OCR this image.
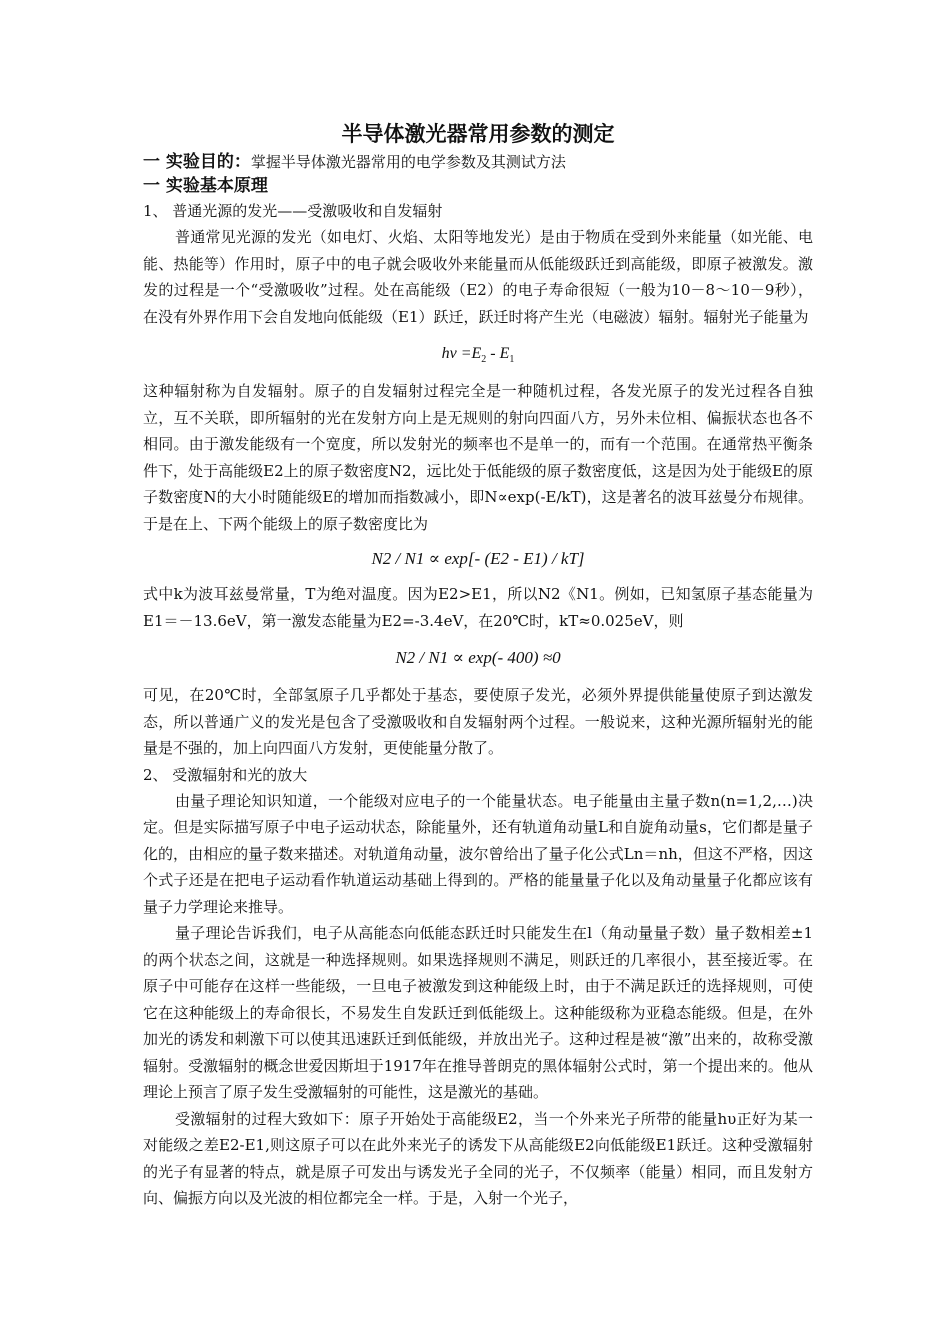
半导体激光器常用参数的测定
一 实验目的：掌握半导体激光器常用的电学参数及其测试方法
一 实验基本原理
1、 普通光源的发光——受激吸收和自发辐射

普通常见光源的发光（如电灯、火焰、太阳等地发光）是由于物质在受到外来能量（如光能、电能、热能等）作用时，原子中的电子就会吸收外来能量而从低能级跃迁到高能级，即原子被激发。激发的过程是一个“受激吸收”过程。处在高能级（E2）的电子寿命很短（一般为10－8～10－9秒），在没有外界作用下会自发地向低能级（E1）跃迁，跃迁时将产生光（电磁波）辐射。辐射光子能量为

$h\nu =E_2 - E_1$

这种辐射称为自发辐射。原子的自发辐射过程完全是一种随机过程，各发光原子的发光过程各自独立，互不关联，即所辐射的光在发射方向上是无规则的射向四面八方，另外未位相、偏振状态也各不相同。由于激发能级有一个宽度，所以发射光的频率也不是单一的，而有一个范围。在通常热平衡条件下，处于高能级E2上的原子数密度N2，远比处于低能级的原子数密度低，这是因为处于能级E的原子数密度N的大小时随能级E的增加而指数减小，即N∝exp(-E/kT)，这是著名的波耳兹曼分布规律。于是在上、下两个能级上的原子数密度比为

N2 / N1 ∝ exp[- (E2 - E1) / kT]

式中k为波耳兹曼常量，T为绝对温度。因为E2>E1，所以N2《N1。例如，已知氢原子基态能量为E1＝－13.6eV，第一激发态能量为E2=-3.4eV，在20℃时，kT≈0.025eV，则

N2 / N1 ∝ exp(- 400) ≈0

可见，在20℃时，全部氢原子几乎都处于基态，要使原子发光，必须外界提供能量使原子到达激发态，所以普通广义的发光是包含了受激吸收和自发辐射两个过程。一般说来，这种光源所辐射光的能量是不强的，加上向四面八方发射，更使能量分散了。

2、 受激辐射和光的放大

由量子理论知识知道，一个能级对应电子的一个能量状态。电子能量由主量子数n(n=1,2,…)决定。但是实际描写原子中电子运动状态，除能量外，还有轨道角动量L和自旋角动量s，它们都是量子化的，由相应的量子数来描述。对轨道角动量，波尔曾给出了量子化公式Ln＝nh，但这不严格，因这个式子还是在把电子运动看作轨道运动基础上得到的。严格的能量量子化以及角动量量子化都应该有量子力学理论来推导。

量子理论告诉我们，电子从高能态向低能态跃迁时只能发生在l（角动量量子数）量子数相差±1的两个状态之间，这就是一种选择规则。如果选择规则不满足，则跃迁的几率很小，甚至接近零。在原子中可能存在这样一些能级，一旦电子被激发到这种能级上时，由于不满足跃迁的选择规则，可使它在这种能级上的寿命很长，不易发生自发跃迁到低能级上。这种能级称为亚稳态能级。但是，在外加光的诱发和刺激下可以使其迅速跃迁到低能级，并放出光子。这种过程是被“激”出来的，故称受激辐射。受激辐射的概念世爱因斯坦于1917年在推导普朗克的黑体辐射公式时，第一个提出来的。他从理论上预言了原子发生受激辐射的可能性，这是激光的基础。

受激辐射的过程大致如下：原子开始处于高能级E2，当一个外来光子所带的能量hυ正好为某一对能级之差E2-E1,则这原子可以在此外来光子的诱发下从高能级E2向低能级E1跃迁。这种受激辐射的光子有显著的特点，就是原子可发出与诱发光子全同的光子，不仅频率（能量）相同，而且发射方向、偏振方向以及光波的相位都完全一样。于是，入射一个光子，
